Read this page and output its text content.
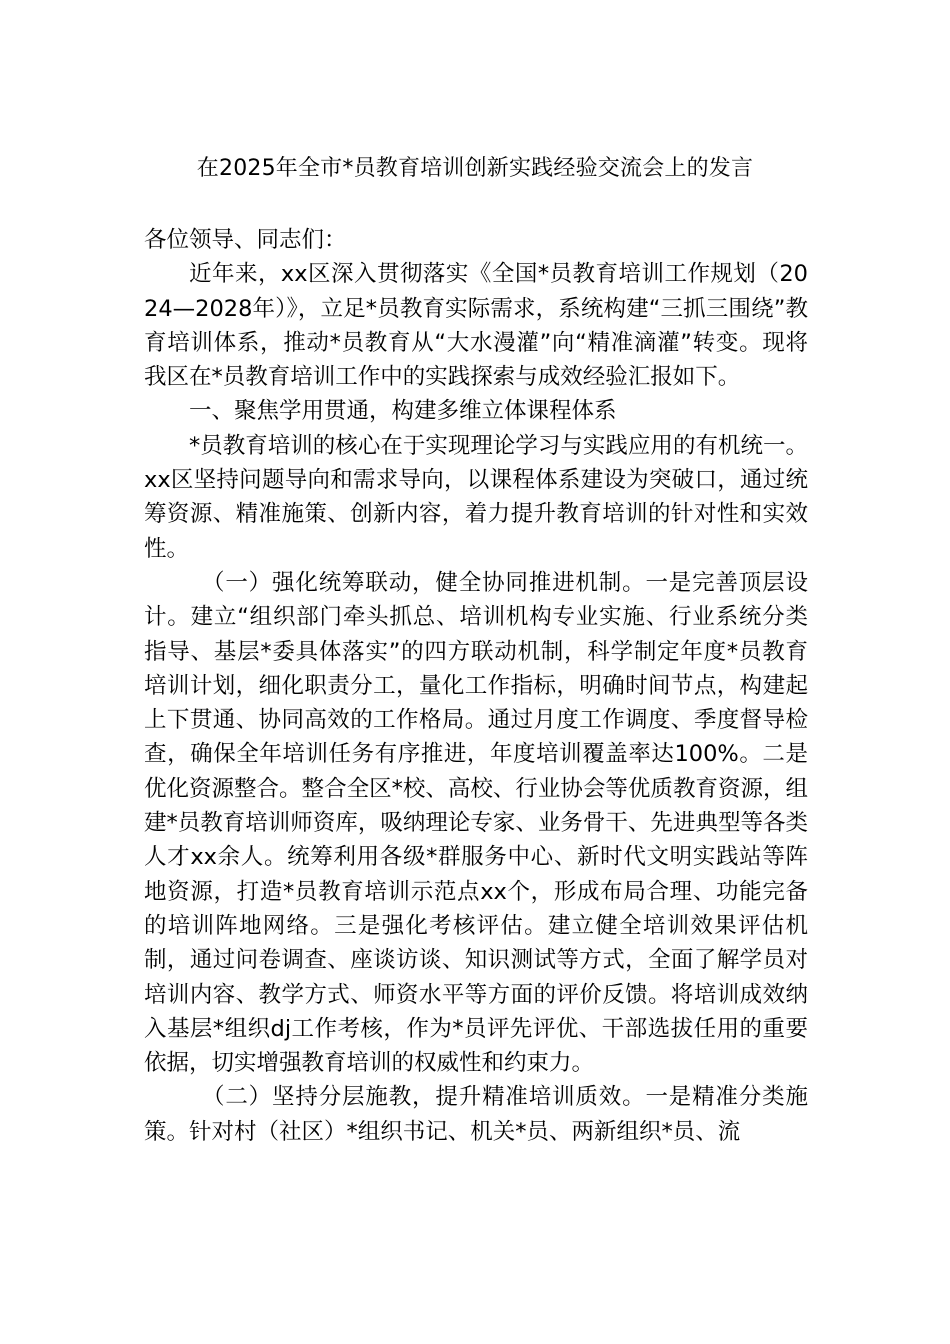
在2025年全市*员教育培训创新实践经验交流会上的发言

各位领导、同志们：

近年来，xx区深入贯彻落实《全国*员教育培训工作规划（2024—2028年）》，立足*员教育实际需求，系统构建“三抓三围绕”教育培训体系，推动*员教育从“大水漫灌”向“精准滴灌”转变。现将我区在*员教育培训工作中的实践探索与成效经验汇报如下。

一、聚焦学用贯通，构建多维立体课程体系

*员教育培训的核心在于实现理论学习与实践应用的有机统一。xx区坚持问题导向和需求导向，以课程体系建设为突破口，通过统筹资源、精准施策、创新内容，着力提升教育培训的针对性和实效性。

（一）强化统筹联动，健全协同推进机制。一是完善顶层设计。建立“组织部门牵头抓总、培训机构专业实施、行业系统分类指导、基层*委具体落实”的四方联动机制，科学制定年度*员教育培训计划，细化职责分工，量化工作指标，明确时间节点，构建起上下贯通、协同高效的工作格局。通过月度工作调度、季度督导检查，确保全年培训任务有序推进，年度培训覆盖率达100%。二是优化资源整合。整合全区*校、高校、行业协会等优质教育资源，组建*员教育培训师资库，吸纳理论专家、业务骨干、先进典型等各类人才xx余人。统筹利用各级*群服务中心、新时代文明实践站等阵地资源，打造*员教育培训示范点xx个，形成布局合理、功能完备的培训阵地网络。三是强化考核评估。建立健全培训效果评估机制，通过问卷调查、座谈访谈、知识测试等方式，全面了解学员对培训内容、教学方式、师资水平等方面的评价反馈。将培训成效纳入基层*组织dj工作考核，作为*员评先评优、干部选拔任用的重要依据，切实增强教育培训的权威性和约束力。

（二）坚持分层施教，提升精准培训质效。一是精准分类施策。针对村（社区）*组织书记、机关*员、两新组织*员、流
